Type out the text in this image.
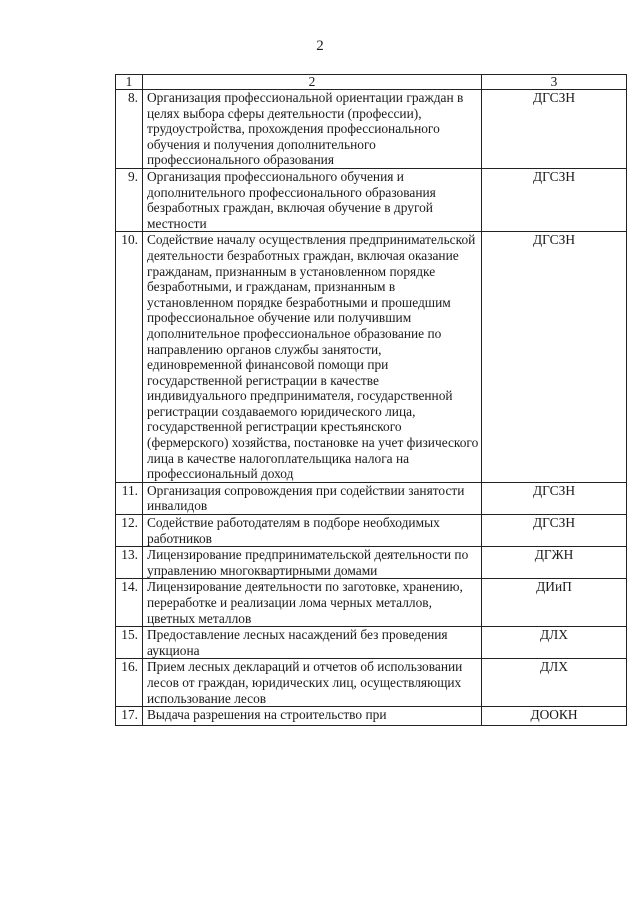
2
1	2	3
8.	Организация профессиональной ориентации граждан в целях выбора сферы деятельности (профессии), трудоустройства, прохождения профессионального обучения и получения дополнительного профессионального образования	ДГСЗН
9.	Организация профессионального обучения и дополнительного профессионального образования безработных граждан, включая обучение в другой местности	ДГСЗН
10.	Содействие началу осуществления предпринимательской деятельности безработных граждан, включая оказание гражданам, признанным в установленном порядке безработными, и гражданам, признанным в установленном порядке безработными и прошедшим профессиональное обучение или получившим дополнительное профессиональное образование по направлению органов службы занятости, единовременной финансовой помощи при государственной регистрации в качестве индивидуального предпринимателя, государственной регистрации создаваемого юридического лица, государственной регистрации крестьянского (фермерского) хозяйства, постановке на учет физического лица в качестве налогоплательщика налога на профессиональный доход	ДГСЗН
11.	Организация сопровождения при содействии занятости инвалидов	ДГСЗН
12.	Содействие работодателям в подборе необходимых работников	ДГСЗН
13.	Лицензирование предпринимательской деятельности по управлению многоквартирными домами	ДГЖН
14.	Лицензирование деятельности по заготовке, хранению, переработке и реализации лома черных металлов, цветных металлов	ДИиП
15.	Предоставление лесных насаждений без проведения аукциона	ДЛХ
16.	Прием лесных деклараций и отчетов об использовании лесов от граждан, юридических лиц, осуществляющих использование лесов	ДЛХ
17.	Выдача разрешения на строительство при	ДООКН
